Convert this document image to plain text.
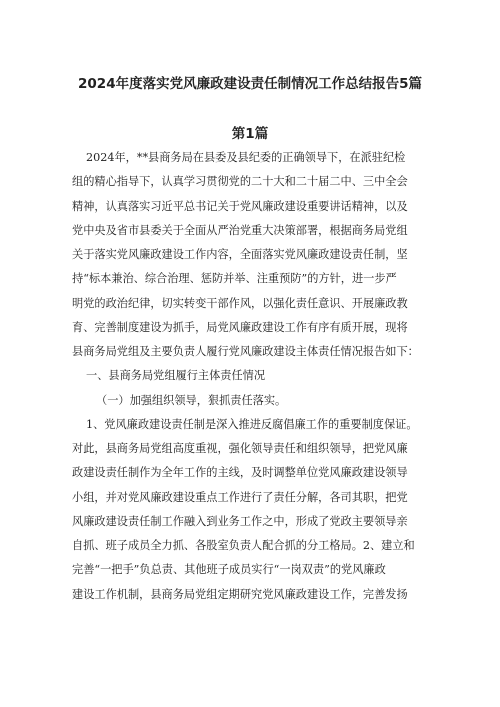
2024年度落实党风廉政建设责任制情况工作总结报告5篇
第1篇
2024年，**县商务局在县委及县纪委的正确领导下，在派驻纪检
组的精心指导下，认真学习贯彻党的二十大和二十届二中、三中全会
精神，认真落实习近平总书记关于党风廉政建设重要讲话精神，以及
党中央及省市县委关于全面从严治党重大决策部署，根据商务局党组
关于落实党风廉政建设工作内容，全面落实党风廉政建设责任制，坚
持“标本兼治、综合治理、惩防并举、注重预防”的方针，进一步严
明党的政治纪律，切实转变干部作风，以强化责任意识、开展廉政教
育、完善制度建设为抓手，局党风廉政建设工作有序有质开展，现将
县商务局党组及主要负责人履行党风廉政建设主体责任情况报告如下：
一、县商务局党组履行主体责任情况
（一）加强组织领导，狠抓责任落实。
1、党风廉政建设责任制是深入推进反腐倡廉工作的重要制度保证。
对此，县商务局党组高度重视，强化领导责任和组织领导，把党风廉
政建设责任制作为全年工作的主线，及时调整单位党风廉政建设领导
小组，并对党风廉政建设重点工作进行了责任分解，各司其职，把党
风廉政建设责任制工作融入到业务工作之中，形成了党政主要领导亲
自抓、班子成员全力抓、各股室负责人配合抓的分工格局。2、建立和
完善“一把手”负总责、其他班子成员实行“一岗双责”的党风廉政
建设工作机制，县商务局党组定期研究党风廉政建设工作，完善发扬
